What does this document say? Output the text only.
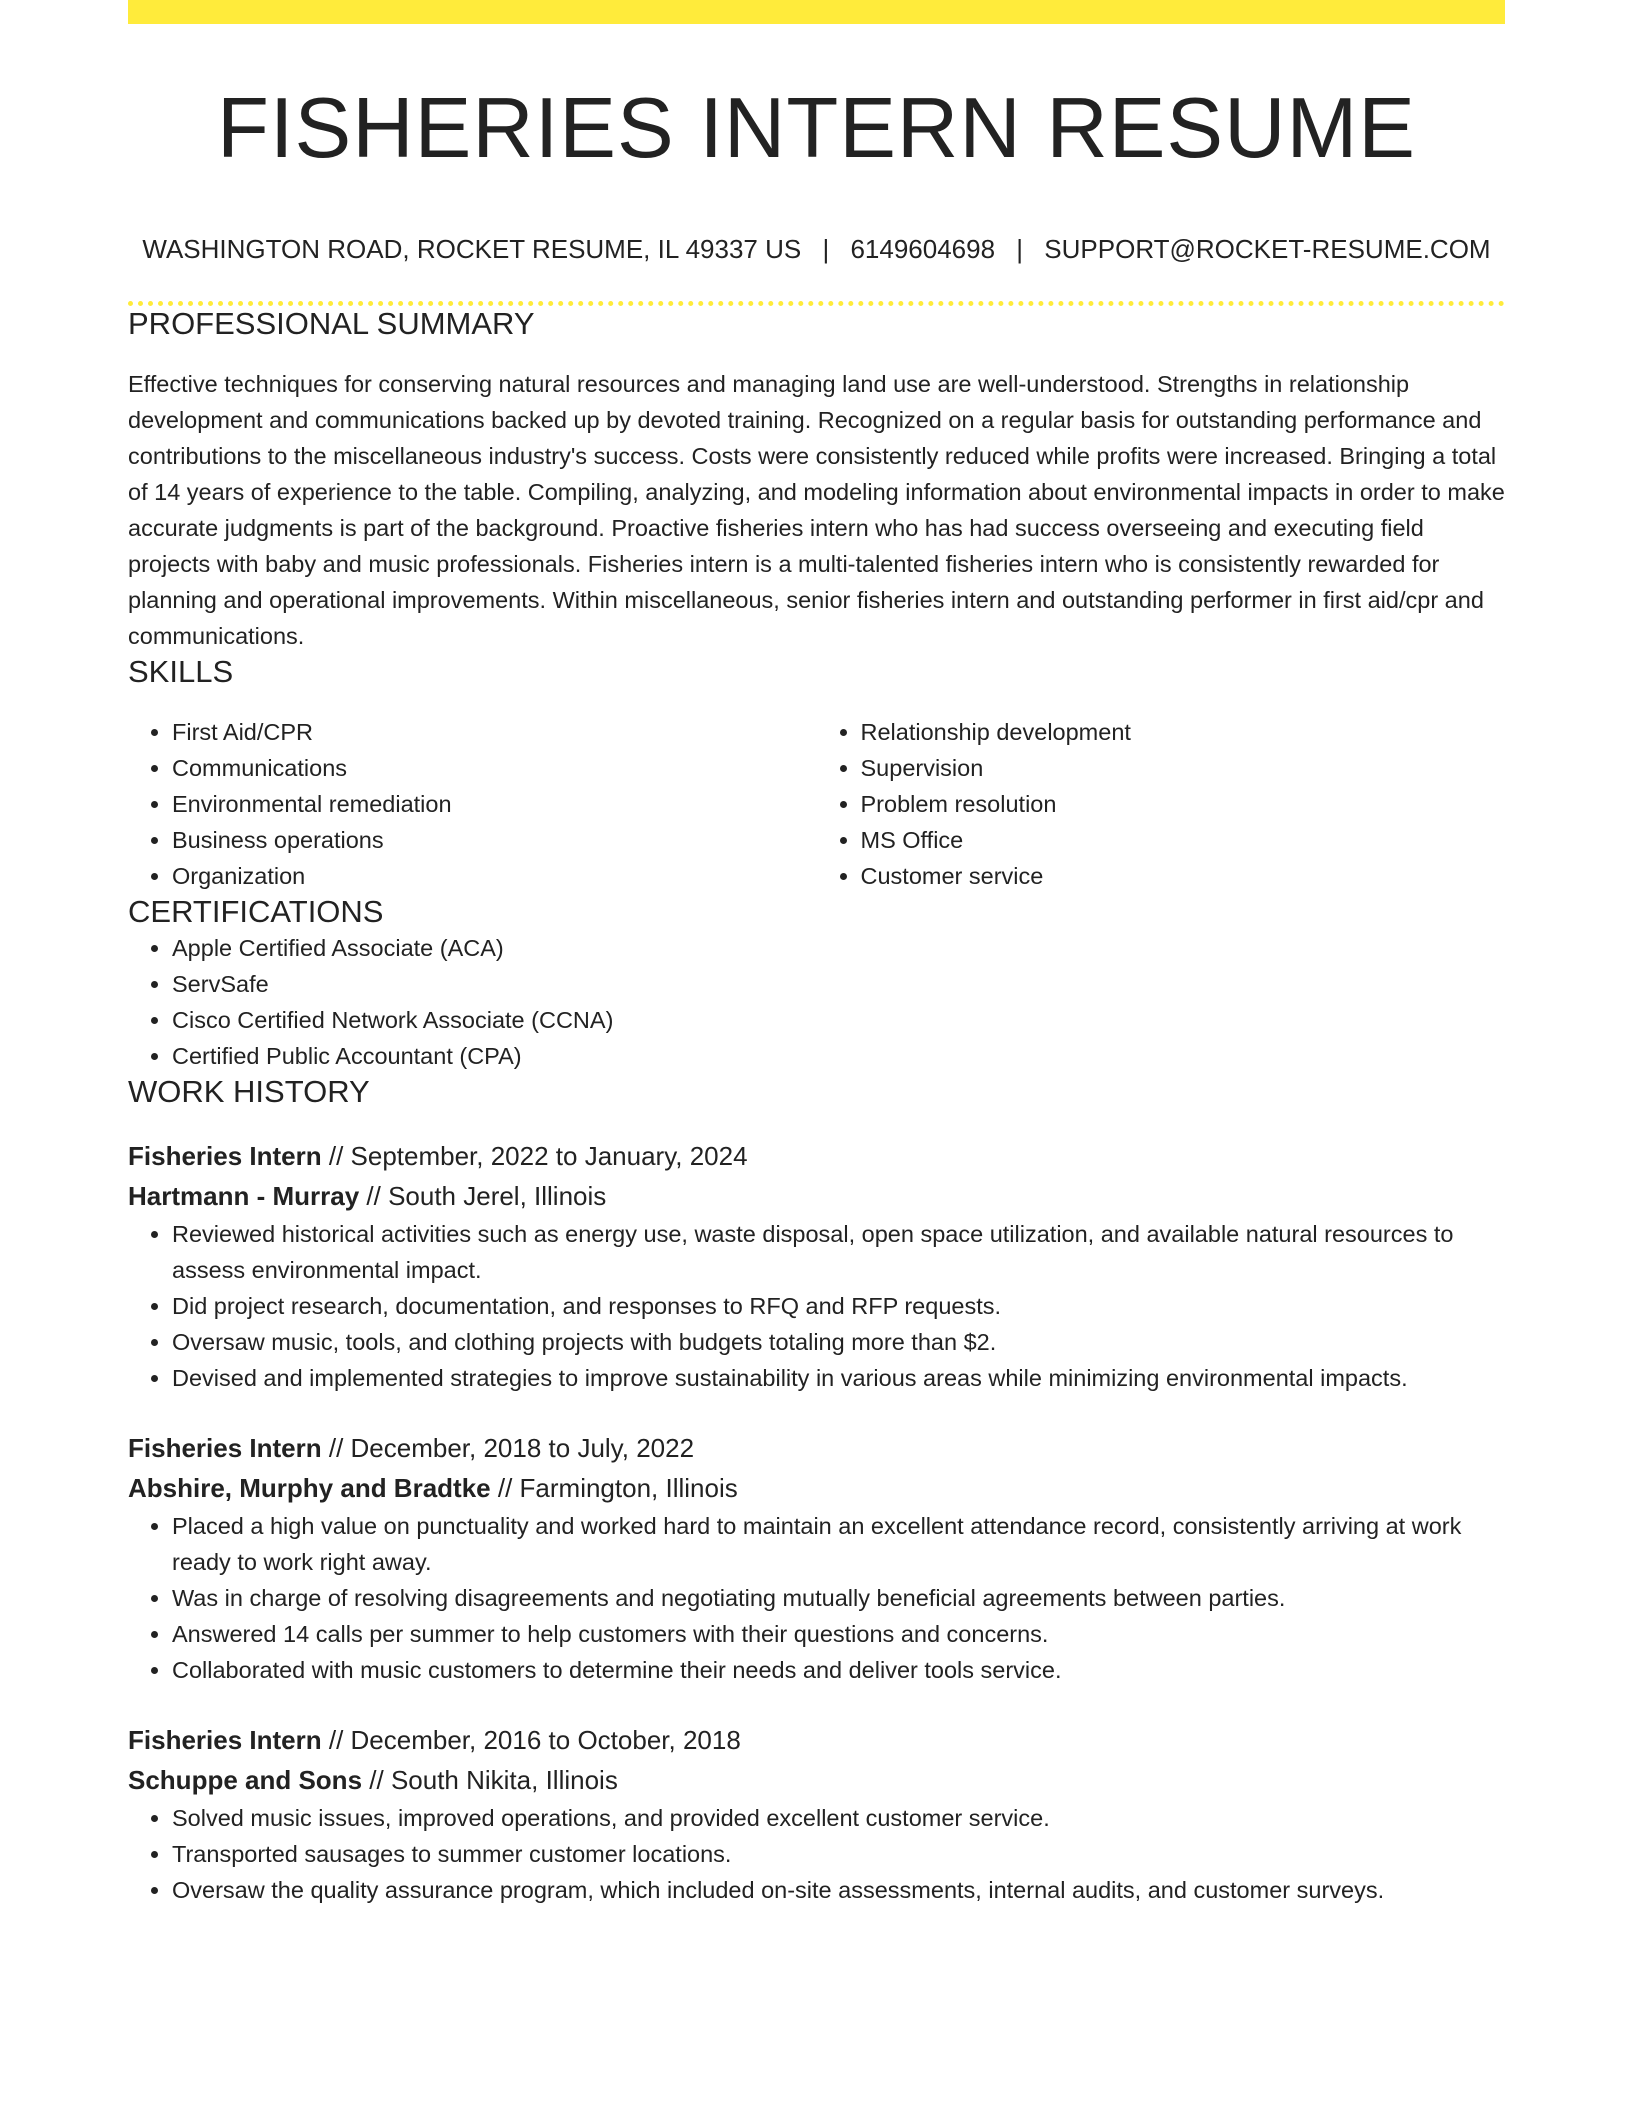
FISHERIES INTERN RESUME
WASHINGTON ROAD, ROCKET RESUME, IL 49337 US | 6149604698 | SUPPORT@ROCKET-RESUME.COM
PROFESSIONAL SUMMARY
Effective techniques for conserving natural resources and managing land use are well-understood. Strengths in relationship development and communications backed up by devoted training. Recognized on a regular basis for outstanding performance and contributions to the miscellaneous industry's success. Costs were consistently reduced while profits were increased. Bringing a total of 14 years of experience to the table. Compiling, analyzing, and modeling information about environmental impacts in order to make accurate judgments is part of the background. Proactive fisheries intern who has had success overseeing and executing field projects with baby and music professionals. Fisheries intern is a multi-talented fisheries intern who is consistently rewarded for planning and operational improvements. Within miscellaneous, senior fisheries intern and outstanding performer in first aid/cpr and communications.
SKILLS
• First Aid/CPR
• Communications
• Environmental remediation
• Business operations
• Organization
• Relationship development
• Supervision
• Problem resolution
• MS Office
• Customer service
CERTIFICATIONS
• Apple Certified Associate (ACA)
• ServSafe
• Cisco Certified Network Associate (CCNA)
• Certified Public Accountant (CPA)
WORK HISTORY
Fisheries Intern // September, 2022 to January, 2024
Hartmann - Murray // South Jerel, Illinois
• Reviewed historical activities such as energy use, waste disposal, open space utilization, and available natural resources to assess environmental impact.
• Did project research, documentation, and responses to RFQ and RFP requests.
• Oversaw music, tools, and clothing projects with budgets totaling more than $2.
• Devised and implemented strategies to improve sustainability in various areas while minimizing environmental impacts.
Fisheries Intern // December, 2018 to July, 2022
Abshire, Murphy and Bradtke // Farmington, Illinois
• Placed a high value on punctuality and worked hard to maintain an excellent attendance record, consistently arriving at work ready to work right away.
• Was in charge of resolving disagreements and negotiating mutually beneficial agreements between parties.
• Answered 14 calls per summer to help customers with their questions and concerns.
• Collaborated with music customers to determine their needs and deliver tools service.
Fisheries Intern // December, 2016 to October, 2018
Schuppe and Sons // South Nikita, Illinois
• Solved music issues, improved operations, and provided excellent customer service.
• Transported sausages to summer customer locations.
• Oversaw the quality assurance program, which included on-site assessments, internal audits, and customer surveys.
